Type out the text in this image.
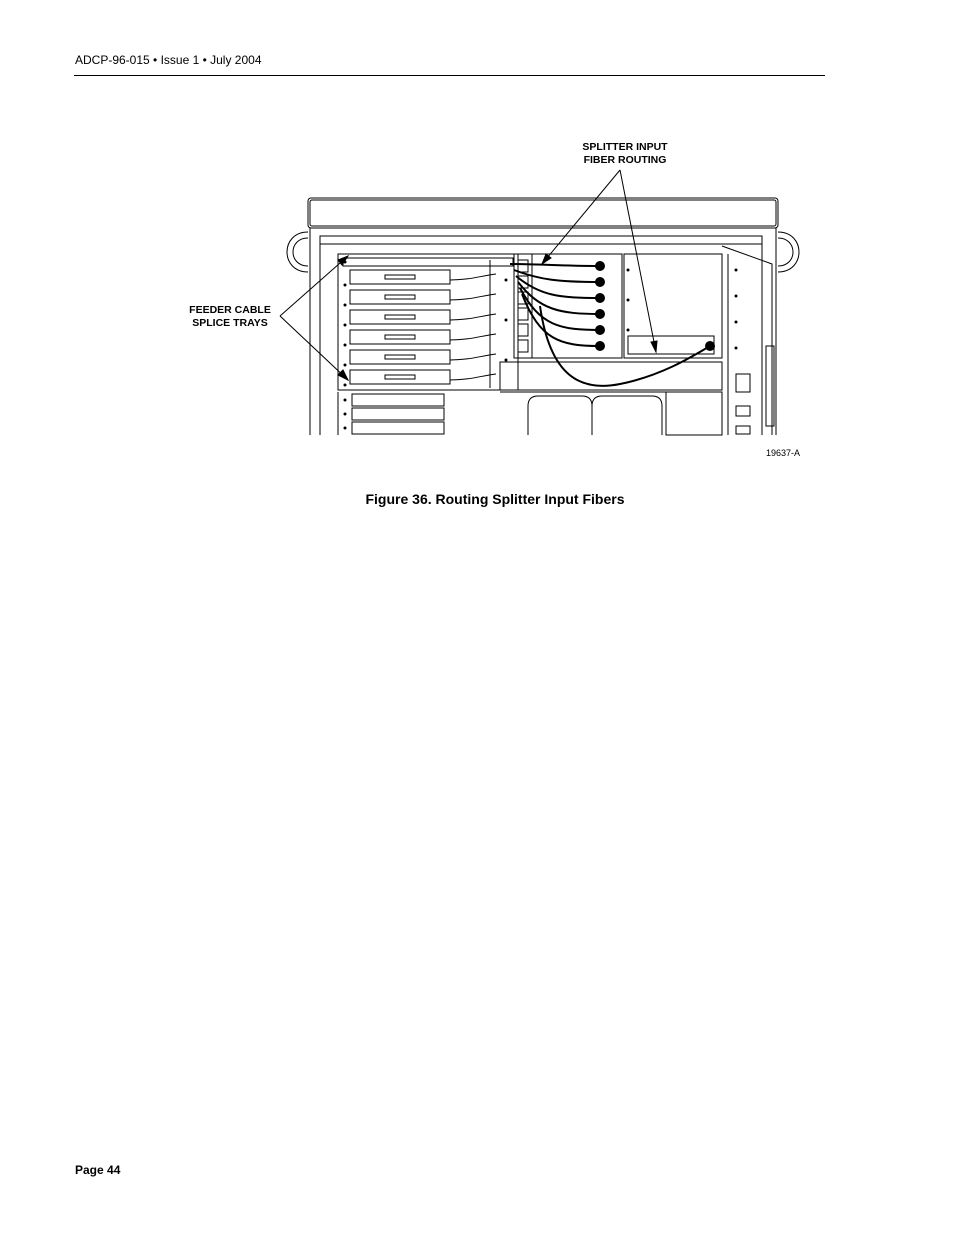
ADCP-96-015 • Issue 1 • July 2004
SPLITTER INPUT
FIBER ROUTING
FEEDER CABLE
SPLICE TRAYS
19637-A
Figure 36. Routing Splitter Input Fibers
Page 44
